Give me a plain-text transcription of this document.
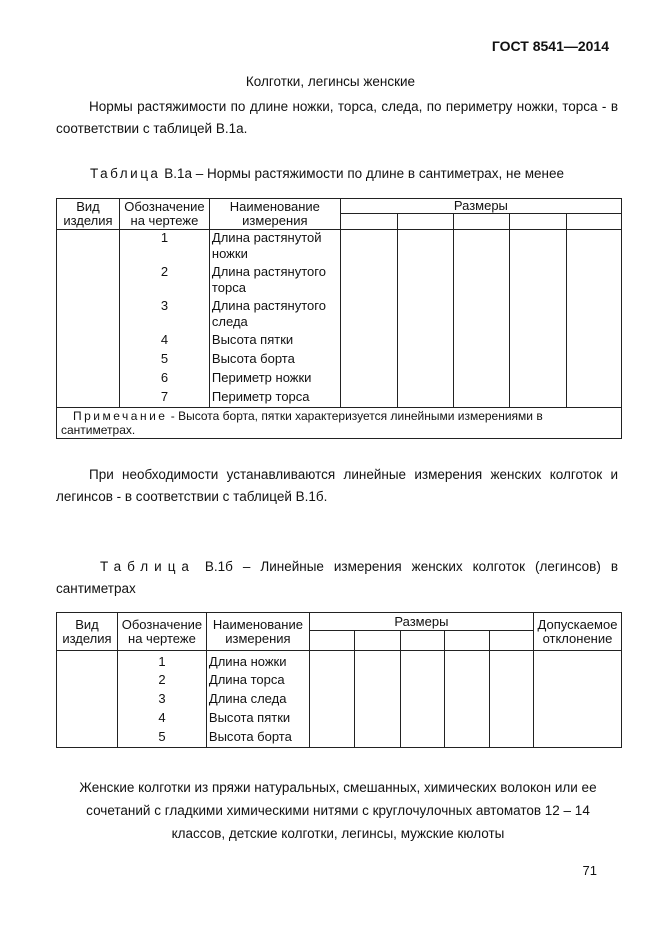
ГОСТ 8541—2014
Колготки, легинсы женские
Нормы растяжимости по длине ножки, торса, следа, по периметру ножки, торса - в соответствии с таблицей В.1а.
Таблица В.1а – Нормы растяжимости по длине в сантиметрах, не менее
Вид изделия	Обозначение на чертеже	Наименование измерения	Размеры				

	1	Длина растянутой ножки					
	2	Длина растянутого торса					
	3	Длина растянутого следа					
	4	Высота пятки					
	5	Высота борта					
	6	Периметр ножки					
	7	Периметр торса					
Примечание - Высота борта, пятки характеризуется линейными измерениями в сантиметрах.							
При необходимости устанавливаются линейные измерения женских колготок и легинсов - в соответствии с таблицей В.1б.
Таблица В.1б – Линейные измерения женских колготок (легинсов) в сантиметрах
Вид изделия	Обозначение на чертеже	Наименование измерения	Размеры					Допускаемое отклонение

	1	Длина ножки						
	2	Длина торса						
	3	Длина следа						
	4	Высота пятки						
	5	Высота борта						
Женские колготки из пряжи натуральных, смешанных, химических волокон или ее сочетаний с гладкими химическими нитями с круглочулочных автоматов 12 – 14 классов, детские колготки, легинсы, мужские кюлоты
71
